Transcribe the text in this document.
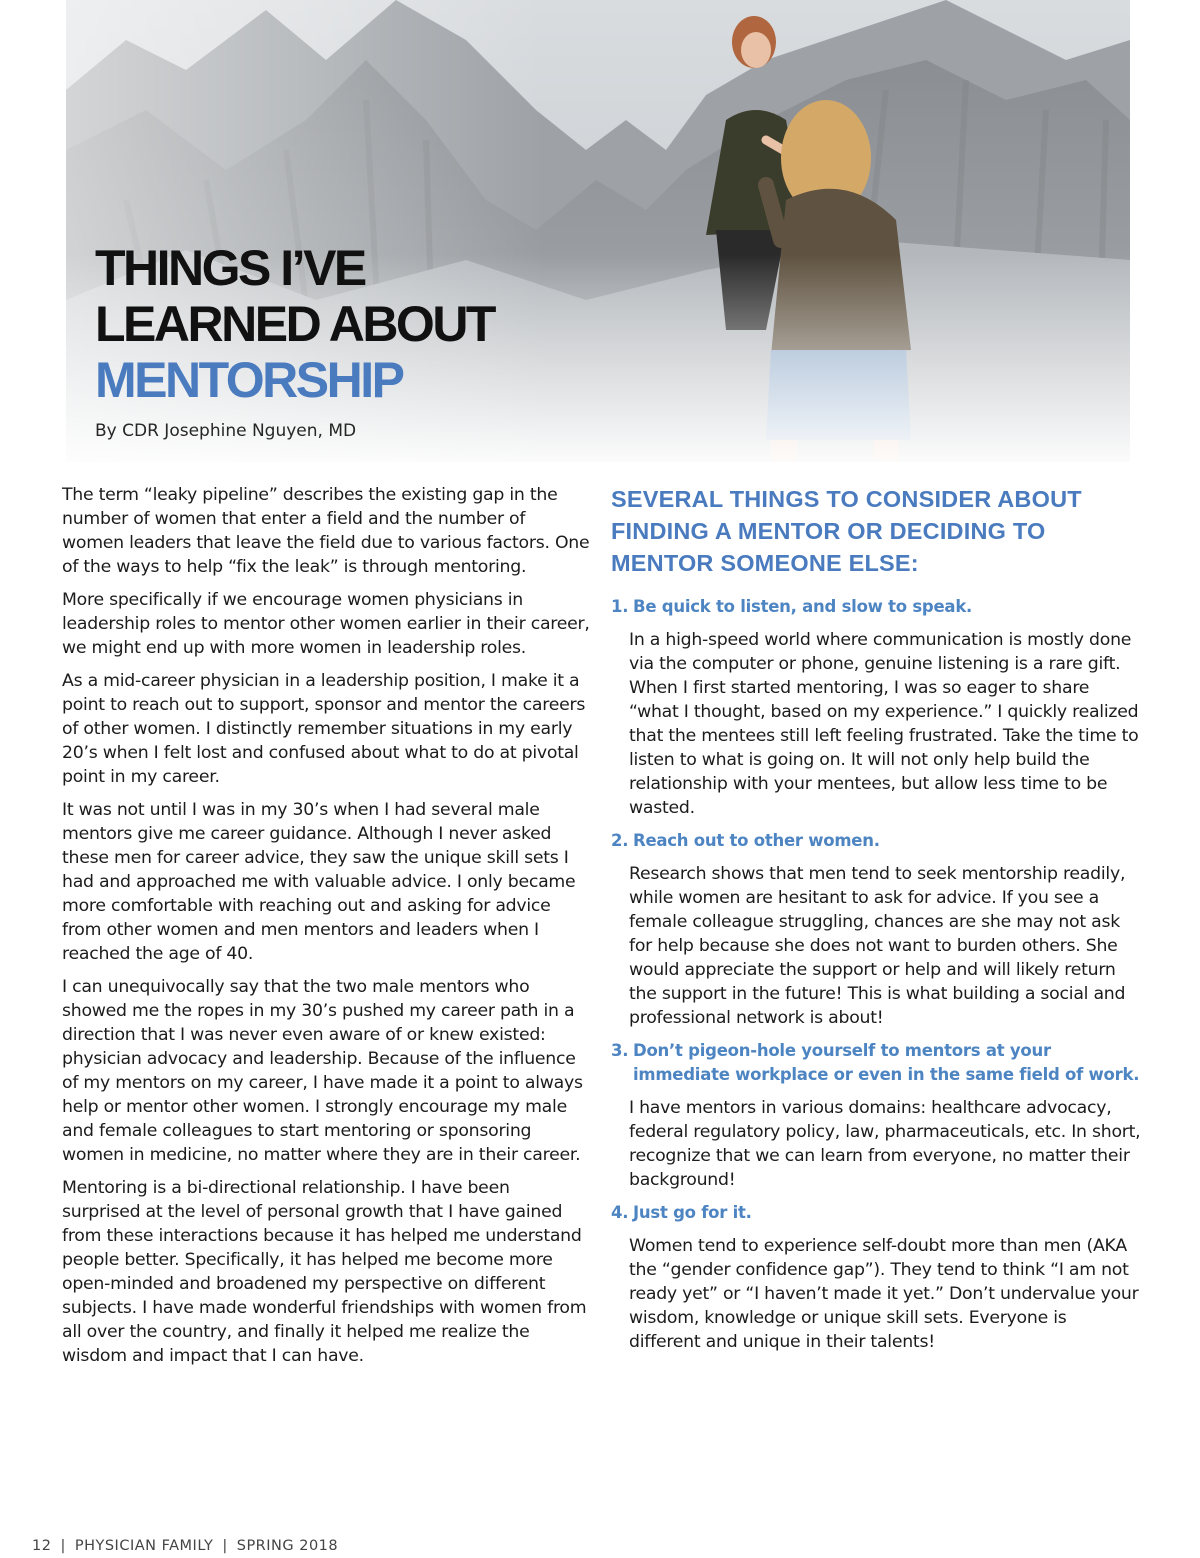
THINGS I’VE
LEARNED ABOUT
MENTORSHIP

By CDR Josephine Nguyen, MD

The term “leaky pipeline” describes the existing gap in the number of women that enter a field and the number of women leaders that leave the field due to various factors. One of the ways to help “fix the leak” is through mentoring.

More specifically if we encourage women physicians in leadership roles to mentor other women earlier in their career, we might end up with more women in leadership roles.

As a mid-career physician in a leadership position, I make it a point to reach out to support, sponsor and mentor the careers of other women. I distinctly remember situations in my early 20’s when I felt lost and confused about what to do at pivotal point in my career.

It was not until I was in my 30’s when I had several male mentors give me career guidance. Although I never asked these men for career advice, they saw the unique skill sets I had and approached me with valuable advice. I only became more comfortable with reaching out and asking for advice from other women and men mentors and leaders when I reached the age of 40.

I can unequivocally say that the two male mentors who showed me the ropes in my 30’s pushed my career path in a direction that I was never even aware of or knew existed: physician advocacy and leadership. Because of the influence of my mentors on my career, I have made it a point to always help or mentor other women. I strongly encourage my male and female colleagues to start mentoring or sponsoring women in medicine, no matter where they are in their career.

Mentoring is a bi-directional relationship. I have been surprised at the level of personal growth that I have gained from these interactions because it has helped me understand people better. Specifically, it has helped me become more open-minded and broadened my perspective on different subjects. I have made wonderful friendships with women from all over the country, and finally it helped me realize the wisdom and impact that I can have.

SEVERAL THINGS TO CONSIDER ABOUT FINDING A MENTOR OR DECIDING TO MENTOR SOMEONE ELSE:
1. Be quick to listen, and slow to speak.

In a high-speed world where communication is mostly done via the computer or phone, genuine listening is a rare gift. When I first started mentoring, I was so eager to share “what I thought, based on my experience.” I quickly realized that the mentees still left feeling frustrated. Take the time to listen to what is going on. It will not only help build the relationship with your mentees, but allow less time to be wasted.

2. Reach out to other women.

Research shows that men tend to seek mentorship readily, while women are hesitant to ask for advice. If you see a female colleague struggling, chances are she may not ask for help because she does not want to burden others. She would appreciate the support or help and will likely return the support in the future! This is what building a social and professional network is about!

3. Don’t pigeon-hole yourself to mentors at your immediate workplace or even in the same field of work.

I have mentors in various domains: healthcare advocacy, federal regulatory policy, law, pharmaceuticals, etc. In short, recognize that we can learn from everyone, no matter their background!

4. Just go for it.

Women tend to experience self-doubt more than men (AKA the “gender confidence gap”). They tend to think “I am not ready yet” or “I haven’t made it yet.” Don’t undervalue your wisdom, knowledge or unique skill sets. Everyone is different and unique in their talents!

12 | PHYSICIAN FAMILY | SPRING 2018
